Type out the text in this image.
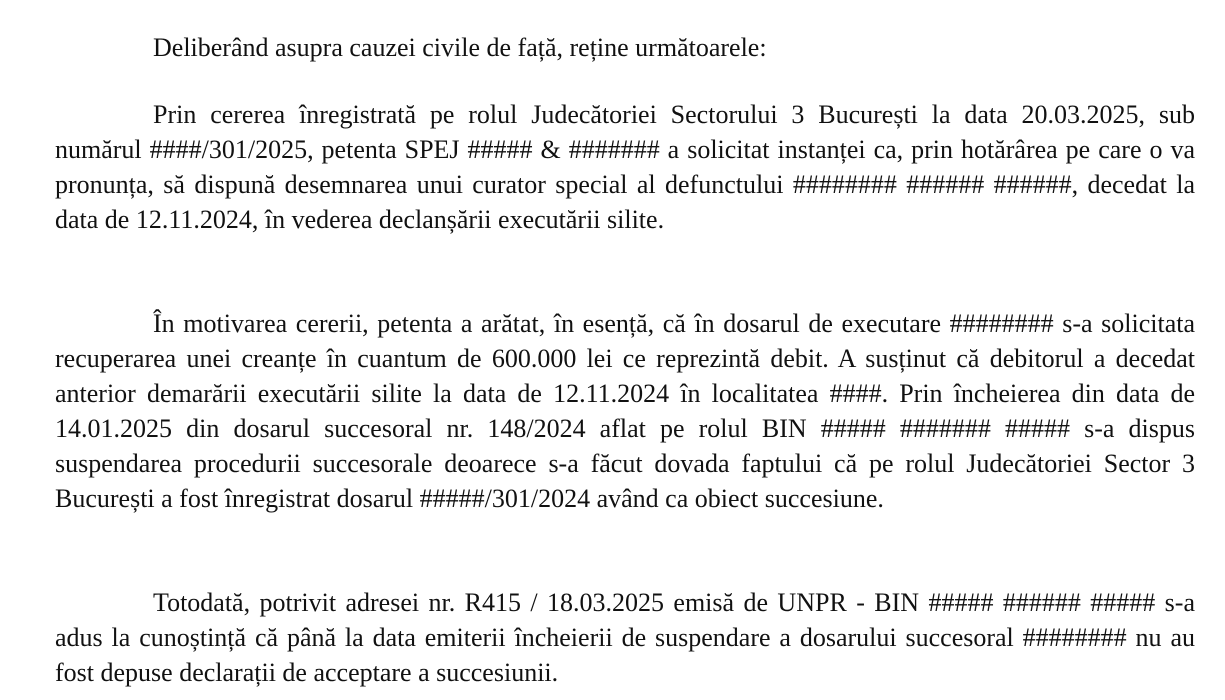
Deliberând asupra cauzei civile de față, reține următoarele:

Prin cererea înregistrată pe rolul Judecătoriei Sectorului 3 București la data 20.03.2025, sub numărul ####/301/2025, petenta SPEJ ##### & ####### a solicitat instanței ca, prin hotărârea pe care o va pronunța, să dispună desemnarea unui curator special al defunctului ######## ###### ######, decedat la data de 12.11.2024, în vederea declanșării executării silite.

În motivarea cererii, petenta a arătat, în esență, că în dosarul de executare ######## s-a solicitata recuperarea unei creanțe în cuantum de 600.000 lei ce reprezintă debit. A susținut că debitorul a decedat anterior demarării executării silite la data de 12.11.2024 în localitatea ####. Prin încheierea din data de 14.01.2025 din dosarul succesoral nr. 148/2024 aflat pe rolul BIN ##### ####### ##### s-a dispus suspendarea procedurii succesorale deoarece s-a făcut dovada faptului că pe rolul Judecătoriei Sector 3 București a fost înregistrat dosarul #####/301/2024 având ca obiect succesiune.

Totodată, potrivit adresei nr. R415 / 18.03.2025 emisă de UNPR - BIN ##### ###### ##### s-a adus la cunoștință că până la data emiterii încheierii de suspendare a dosarului succesoral ######## nu au fost depuse declarații de acceptare a succesiunii.
